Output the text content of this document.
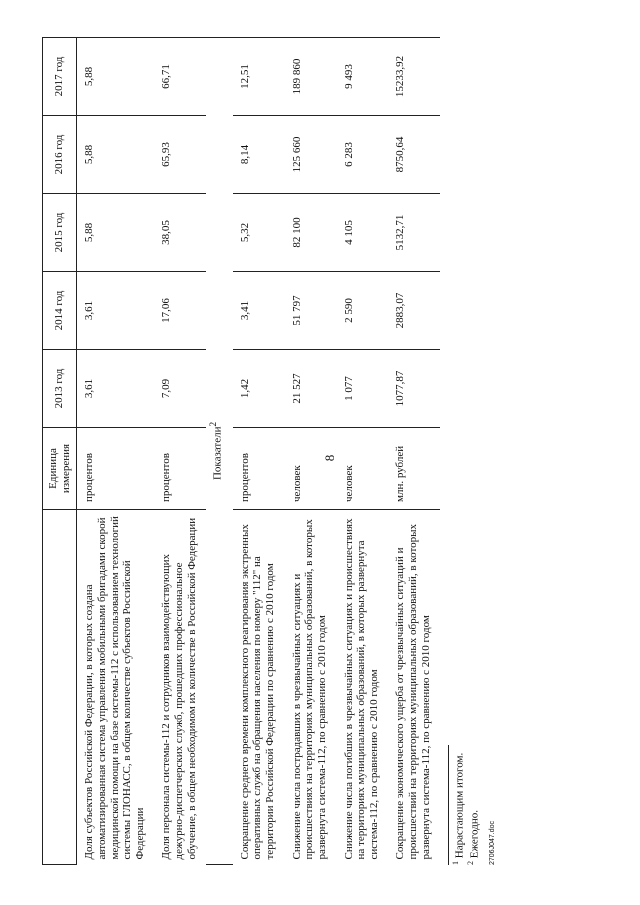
8
	Единица измерения	2013 год	2014 год	2015 год	2016 год	2017 год
Доля субъектов Российской Федерации, в которых создана автоматизированная система управления мобильными бригадами скорой медицинской помощи на базе системы-112 с использованием технологий системы ГЛОНАСС, в общем количестве субъектов Российской Федерации	процентов	3,61	3,61	5,88	5,88	5,88
Доля персонала системы-112 и сотрудников взаимодействующих дежурно-диспетчерских служб, прошедших профессиональное обучение, в общем необходимом их количестве в Российской Федерации	процентов	7,09	17,06	38,05	65,93	66,71
Показатели$^2$
Сокращение среднего времени комплексного реагирования экстренных оперативных служб на обращения населения по номеру "112" на территории Российской Федерации по сравнению с 2010 годом	процентов	1,42	3,41	5,32	8,14	12,51
Снижение числа пострадавших в чрезвычайных ситуациях и происшествиях на территориях муниципальных образований, в которых развернута система-112, по сравнению с 2010 годом	человек	21 527	51 797	82 100	125 660	189 860
Снижение числа погибших в чрезвычайных ситуациях и происшествиях на территориях муниципальных образований, в которых развернута система-112, по сравнению с 2010 годом	человек	1 077	2 590	4 105	6 283	9 493
Сокращение экономического ущерба от чрезвычайных ситуаций и происшествий на территориях муниципальных образований, в которых развернута система-112, по сравнению с 2010 годом	млн. рублей	1077,87	2883,07	5132,71	8750,64	15233,92

$^1$ Нарастающим итогом.

$^2$ Ежегодно. 2706J047.doc
